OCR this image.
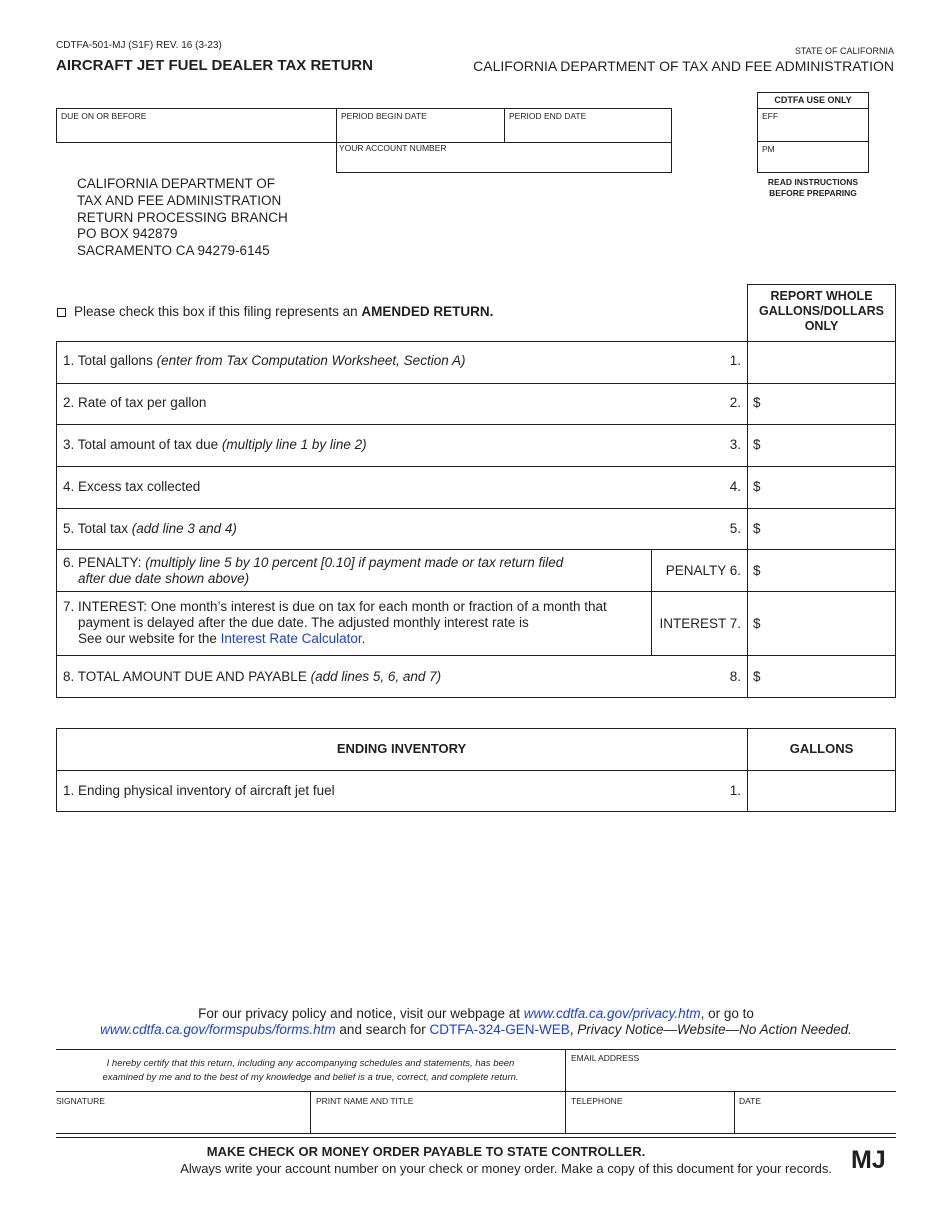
CDTFA-501-MJ (S1F) REV. 16 (3-23)
AIRCRAFT JET FUEL DEALER TAX RETURN
STATE OF CALIFORNIA
CALIFORNIA DEPARTMENT OF TAX AND FEE ADMINISTRATION
DUE ON OR BEFORE	PERIOD BEGIN DATE	PERIOD END DATE
YOUR ACCOUNT NUMBER
CDTFA USE ONLY
EFF
PM
READ INSTRUCTIONS
BEFORE PREPARING
CALIFORNIA DEPARTMENT OF
TAX AND FEE ADMINISTRATION
RETURN PROCESSING BRANCH
PO BOX 942879
SACRAMENTO CA 94279-6145
Please check this box if this filing represents an AMENDED RETURN.
REPORT WHOLE
GALLONS/DOLLARS
ONLY
1. Total gallons (enter from Tax Computation Worksheet, Section A)	1.
2. Rate of tax per gallon	2. $
3. Total amount of tax due (multiply line 1 by line 2)	3. $
4. Excess tax collected	4. $
5. Total tax (add line 3 and 4)	5. $
6. PENALTY: (multiply line 5 by 10 percent [0.10] if payment made or tax return filed
after due date shown above)
PENALTY 6. $
7. INTEREST: One month’s interest is due on tax for each month or fraction of a month that
payment is delayed after the due date. The adjusted monthly interest rate is
See our website for the Interest Rate Calculator.
INTEREST 7. $
8. TOTAL AMOUNT DUE AND PAYABLE (add lines 5, 6, and 7)	8. $
ENDING INVENTORY	GALLONS
1. Ending physical inventory of aircraft jet fuel	1.
For our privacy policy and notice, visit our webpage at www.cdtfa.ca.gov/privacy.htm, or go to
www.cdtfa.ca.gov/formspubs/forms.htm and search for CDTFA-324-GEN-WEB, Privacy Notice—Website—No Action Needed.
I hereby certify that this return, including any accompanying schedules and statements, has been
examined by me and to the best of my knowledge and belief is a true, correct, and complete return.
EMAIL ADDRESS
SIGNATURE	PRINT NAME AND TITLE	TELEPHONE	DATE
MAKE CHECK OR MONEY ORDER PAYABLE TO STATE CONTROLLER.
Always write your account number on your check or money order. Make a copy of this document for your records. MJ
